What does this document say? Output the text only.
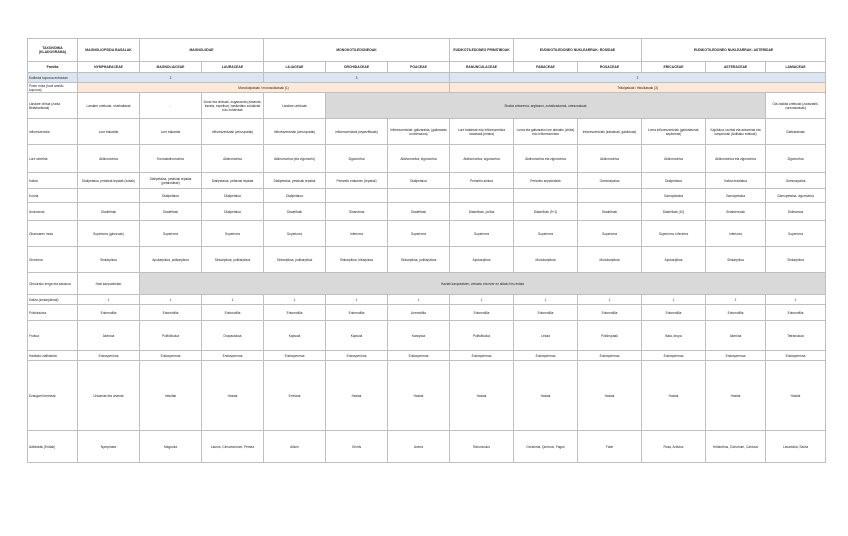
TAXONOMIA (KLADOGRAMA)	MAGNOLIOPSIDA BASALAK	MAGNOLIIDAE		MONOKOTILEDONEOAK			EUDIKOTILEDONEO PRIMITIBOAK	EUDIKOTILEDONEO NUKLEARRAK: ROSIDAE		EUDIKOTILEDONEO NUKLEARRAK: ASTERIDAE		
Familia	NYMPHAEACEAE	MAGNOLIACEAE	LAURACEAE	LILIACEAE	ORCHIDACEAE	POACEAE	RANUNCULACEAE	FABACEAE	ROSACEAE	ERICACEAE	ASTERACEAE	LAMIACEAE
Kotiledoi kopurua enbrioian	2			3			2					
Polen mota (hodi amildu kopurua)	Monokolpatuak / monosulkatuak (1)						Trikolpatuak / trikulkatuak (3)					
Landare ohitua (zuraz. Belarkarikoak)	Landare urtekoak, uharkaitarak	-	Zuraz eta ohikuak, zugaruanta (zimarrak, kanela, ezpelina), hasiketako zuhaitzak edo zuhaixkak	Landare urtekoak	Sirakia arborerna, argitasun, zuhaitzadarrak, urtesorakoak							Ola zaidiak urtekoak (zuraiztarik, zurezaicatuak)
Infloreszentzia	Lore bakartak	Lore bakartak	Infloreszentziak (zenzupaiak)	Infloreszentziak (zenzupaiak)	Infloreszentziak (espezifikoak)	Infloreszentziak: galtzarakia, (galtzarako konbinazioa)	Lore bakartak edo infloreszentzia luxaziaak (eriaka)	Lorea eta galtzarako lore aktuaitu (zirika) edo infloreszentzia	Infloreszentziak (irakatuak, galdutuak)	Lorea infloreszentziak (galdutaturak, azpiloreak)	Kapitulua, laurbai eta azkarreak eta kanpokoak (Aldikako eratuak)	Galtzarakoak
Lore simetria	Aktinomorfoa	Homoaktinomorfoa	Aktinomorfoa	Aktinomorfoa (eta zigomorfo)	Zigomorfoa	Aktinomorfoa, zigomorfoa	Aktinomorfoa, zigomorfoa	Aktinomorfoa eta zigomorfoa	Aktinomorfoa	Aktinomorfoa	Aktinomorfoa eta zigomorfoa	Zigomorfoa
Kaliza	Dialipetaloa, petaloak tepalak (ezkak)	Dialipetaloa, petaloak tepalak (petaloideak)	Dialipetaloa, petaloak lepalak	Dialipetaloa, petaloak tepalak	Periantio eratutzen (tepalak)	Dialipetaloa	Periantio anikoa	Periantio sepaloideak	Gamosepaloa	Dialipetaloa	Kaliza eraldatua	Gamosepaloa
Korola		Dialipetaloa	Dialipetaloa	Dialipetaloa						Gamopetaloa	Gamopetaloa	Gamopetaloa, zigomorfoa
Androzeoa	Diadelfoak	Diadelfoak	Dialipetaloa	Diadelfoak	Ginandrioa	Diadelfoak	Diadelfoak, polfoa	Diadelfoak (9+1)	Diadelfoak	Diadelfoak (10)	Sinantereoak	Didinamoa
Obarioaren mota	Superiorra (ginezoak)	Superiorra	Superiorra	Superiorra	Inferiorra	Superiorra	Superiorra	Superiorra	Superiorra	Superiorra, inferiorra	Inferiorra	Superiorra
Ginezeoa	Sinkarpikoa	Apokarpikoa, polikarpikoa	Sinkarpikoa, polikarpikoa	Sinkarpikoa, polikarpikoa	Sinkarpikoa, trikarpikoa	Sinkarpikoa, polikarpikoa	Apokarpikoa	Monokarpikoa	Monokarpikoa	Apokarpikoa	Sinkarpikoa	Sinkarpikoa
Obulurako zerga eta sakokoa	Hazi kanpoderako	Haziak kanporatzen, zehaztu eta ezer ez aldatu hiru estaia										
Kaliza (sinkarpikoak)	1	1	1	1	1	1	1	1	1	1	1	1
Polinizazioa	Entomofilia	Entomofilia	Entomofilia	Entomofilia	Entomofilia	Anemofilia	Entomofilia	Entomofilia	Entomofilia	Entomofilia	Entomofilia	Entomofilia
Fruitua	Akenioa	Polifolikulua	Drupaosikoa	Kapsula	Kapsula	Kariopsia	Polifolikulua	Lekaa	Polidrupaak	Baia, drupa	Akenioa	Tetranukula
Hazitako zatikaketa	Endospermoa	Endospermoa	Endospermoa	Endospermoa	Endospermoa	Endospermoa	Endospermoa	Endospermoa	Endospermoa	Endospermoa	Endospermoa	Endospermoa
Ezaugarri bereziak	Urtoarrak eta uharrak	Inbultak	Haziak	Erretzak	Haziak	Haziak	Haziak	Haziak	Haziak	Haziak	Haziak	Haziak
Adibideak (Erdiak)	Nymphaea	Magnolia	Laurus, Cinnamomum, Persea	Allium	Orchis	Avena	Ranunculus	Ceratonia, Quercus, Fagus	Fabe	Rosa, Arbutus	Helianthus, Cichorium, Carduus	Lavandula, Salvia
